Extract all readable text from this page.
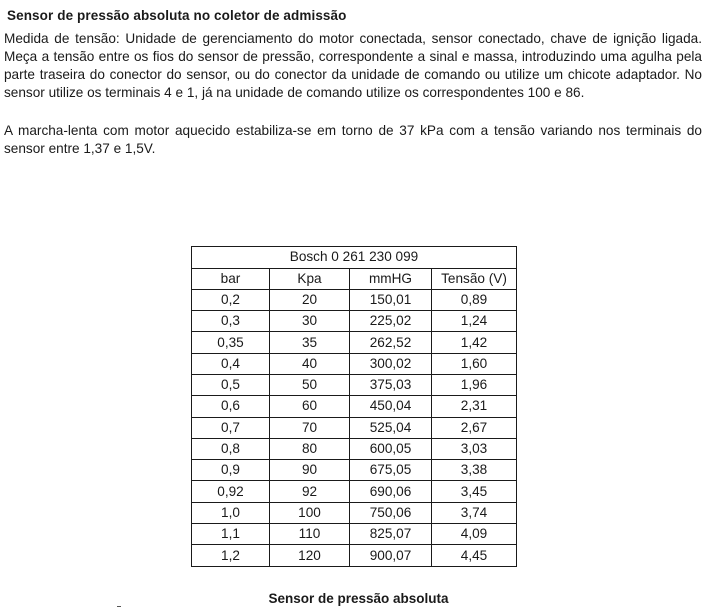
Sensor de pressão absoluta no coletor de admissão

Medida de tensão: Unidade de gerenciamento do motor conectada, sensor conectado, chave de ignição ligada. Meça a tensão entre os fios do sensor de pressão, correspondente a sinal e massa, introduzindo uma agulha pela parte traseira do conector do sensor, ou do conector da unidade de comando ou utilize um chicote adaptador. No sensor utilize os terminais 4 e 1, já na unidade de comando utilize os correspondentes 100 e 86.

A marcha-lenta com motor aquecido estabiliza-se em torno de 37 kPa com a tensão variando nos terminais do sensor entre 1,37 e 1,5V.

Bosch 0 261 230 099			
bar	Kpa	mmHG	Tensão (V)
0,2	20	150,01	0,89
0,3	30	225,02	1,24
0,35	35	262,52	1,42
0,4	40	300,02	1,60
0,5	50	375,03	1,96
0,6	60	450,04	2,31
0,7	70	525,04	2,67
0,8	80	600,05	3,03
0,9	90	675,05	3,38
0,92	92	690,06	3,45
1,0	100	750,06	3,74
1,1	110	825,07	4,09
1,2	120	900,07	4,45
Sensor de pressão absoluta
